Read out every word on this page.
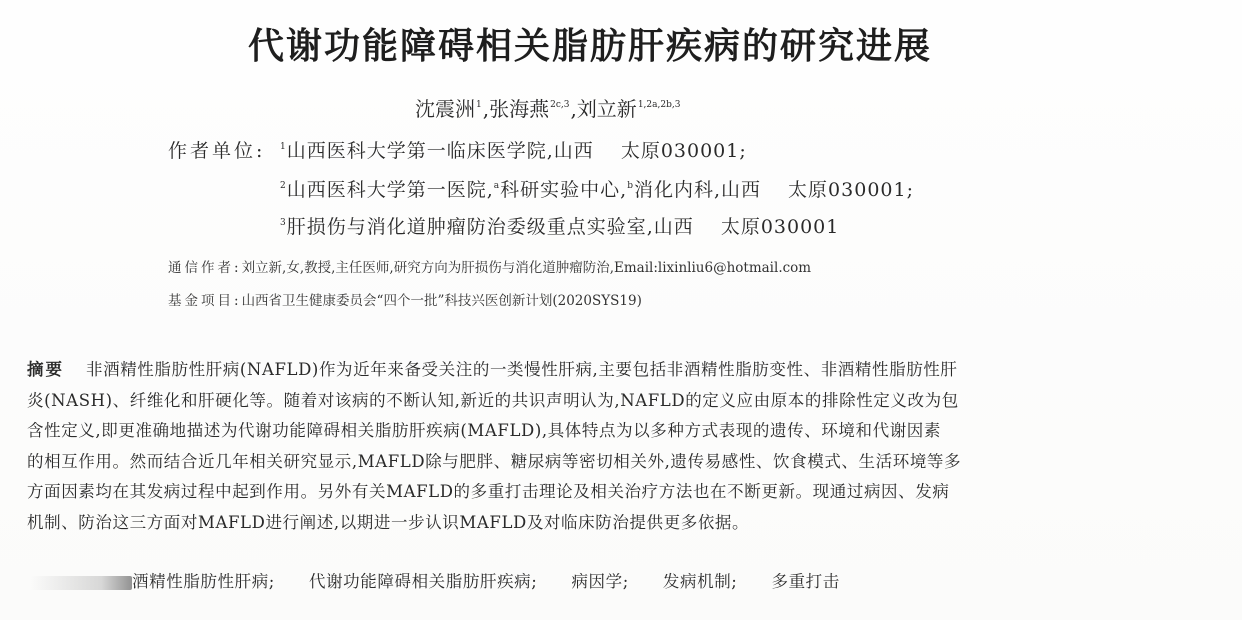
代谢功能障碍相关脂肪肝疾病的研究进展
沈震洲$^1$,张海燕$^{2c,3}$,刘立新$^{1,2a,2b,3}$
作者单位: $^1$山西医科大学第一临床医学院,山西　 太原030001;
$^2$山西医科大学第一医院,$^a$科研实验中心,$^b$消化内科,山西　 太原030001;
$^3$肝损伤与消化道肿瘤防治委级重点实验室,山西　 太原030001
通信作者:刘立新,女,教授,主任医师,研究方向为肝损伤与消化道肿瘤防治,Email:lixinliu6@hotmail.com
基金项目:山西省卫生健康委员会“四个一批”科技兴医创新计划(2020SYS19)
摘要 非酒精性脂肪性肝病(NAFLD)作为近年来备受关注的一类慢性肝病,主要包括非酒精性脂肪变性、非酒精性脂肪性肝
炎(NASH)、纤维化和肝硬化等。随着对该病的不断认知,新近的共识声明认为,NAFLD的定义应由原本的排除性定义改为包
含性定义,即更准确地描述为代谢功能障碍相关脂肪肝疾病(MAFLD),具体特点为以多种方式表现的遗传、环境和代谢因素
的相互作用。然而结合近几年相关研究显示,MAFLD除与肥胖、糖尿病等密切相关外,遗传易感性、饮食模式、生活环境等多
方面因素均在其发病过程中起到作用。另外有关MAFLD的多重打击理论及相关治疗方法也在不断更新。现通过病因、发病
机制、防治这三方面对MAFLD进行阐述,以期进一步认识MAFLD及对临床防治提供更多依据。
酒精性脂肪性肝病; 代谢功能障碍相关脂肪肝疾病; 病因学; 发病机制; 多重打击
